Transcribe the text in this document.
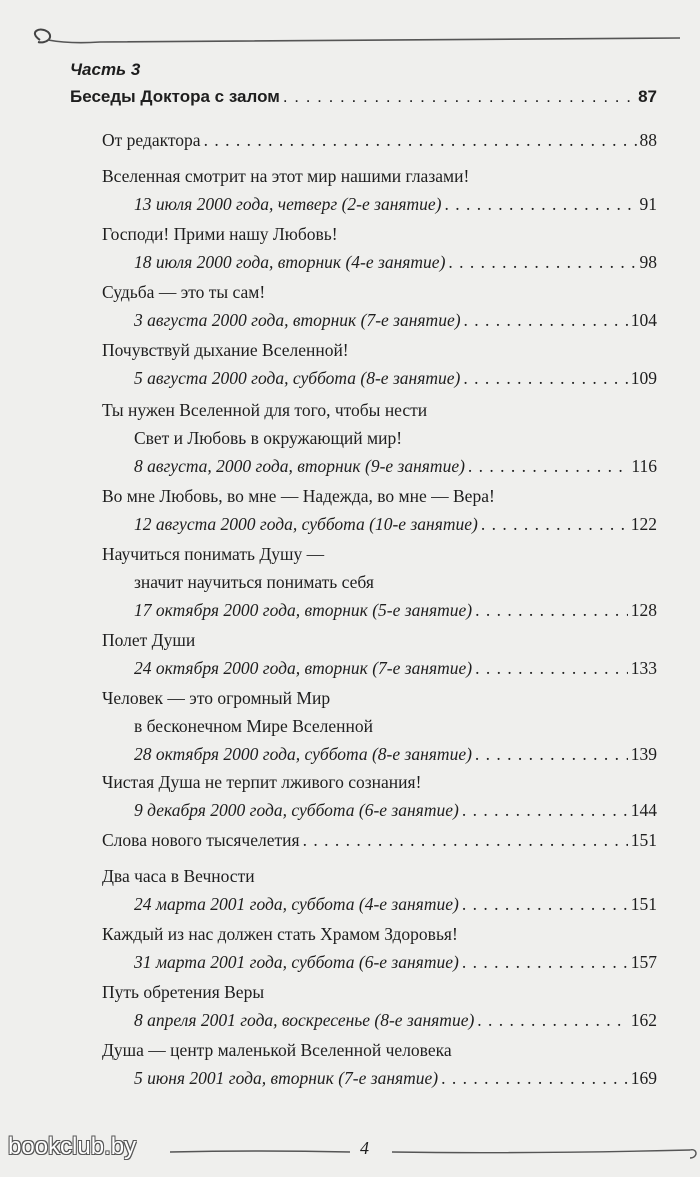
Часть 3
Беседы Доктора с залом . . .	87
От редактора . . .	88
Вселенная смотрит на этот мир нашими глазами!
13 июля 2000 года, четверг (2-е занятие) . . .	91
Господи! Прими нашу Любовь!
18 июля 2000 года, вторник (4-е занятие) . . .	98
Судьба — это ты сам!
3 августа 2000 года, вторник (7-е занятие) . . .	104
Почувствуй дыхание Вселенной!
5 августа 2000 года, суббота (8-е занятие) . . .	109
Ты нужен Вселенной для того, чтобы нести
Свет и Любовь в окружающий мир!
8 августа, 2000 года, вторник (9-е занятие) . . .	116
Во мне Любовь, во мне — Надежда, во мне — Вера!
12 августа 2000 года, суббота (10-е занятие) . . .	122
Научиться понимать Душу —
значит научиться понимать себя
17 октября 2000 года, вторник (5-е занятие) . . .	128
Полет Души
24 октября 2000 года, вторник (7-е занятие) . . .	133
Человек — это огромный Мир
в бесконечном Мире Вселенной
28 октября 2000 года, суббота (8-е занятие) . . .	139
Чистая Душа не терпит лживого сознания!
9 декабря 2000 года, суббота (6-е занятие) . . .	144
Слова нового тысячелетия . . .	151
Два часа в Вечности
24 марта 2001 года, суббота (4-е занятие) . . .	151
Каждый из нас должен стать Храмом Здоровья!
31 марта 2001 года, суббота (6-е занятие) . . .	157
Путь обретения Веры
8 апреля 2001 года, воскресенье (8-е занятие) . . .	162
Душа — центр маленькой Вселенной человека
5 июня 2001 года, вторник (7-е занятие) . . .	169
bookclub.by	4
